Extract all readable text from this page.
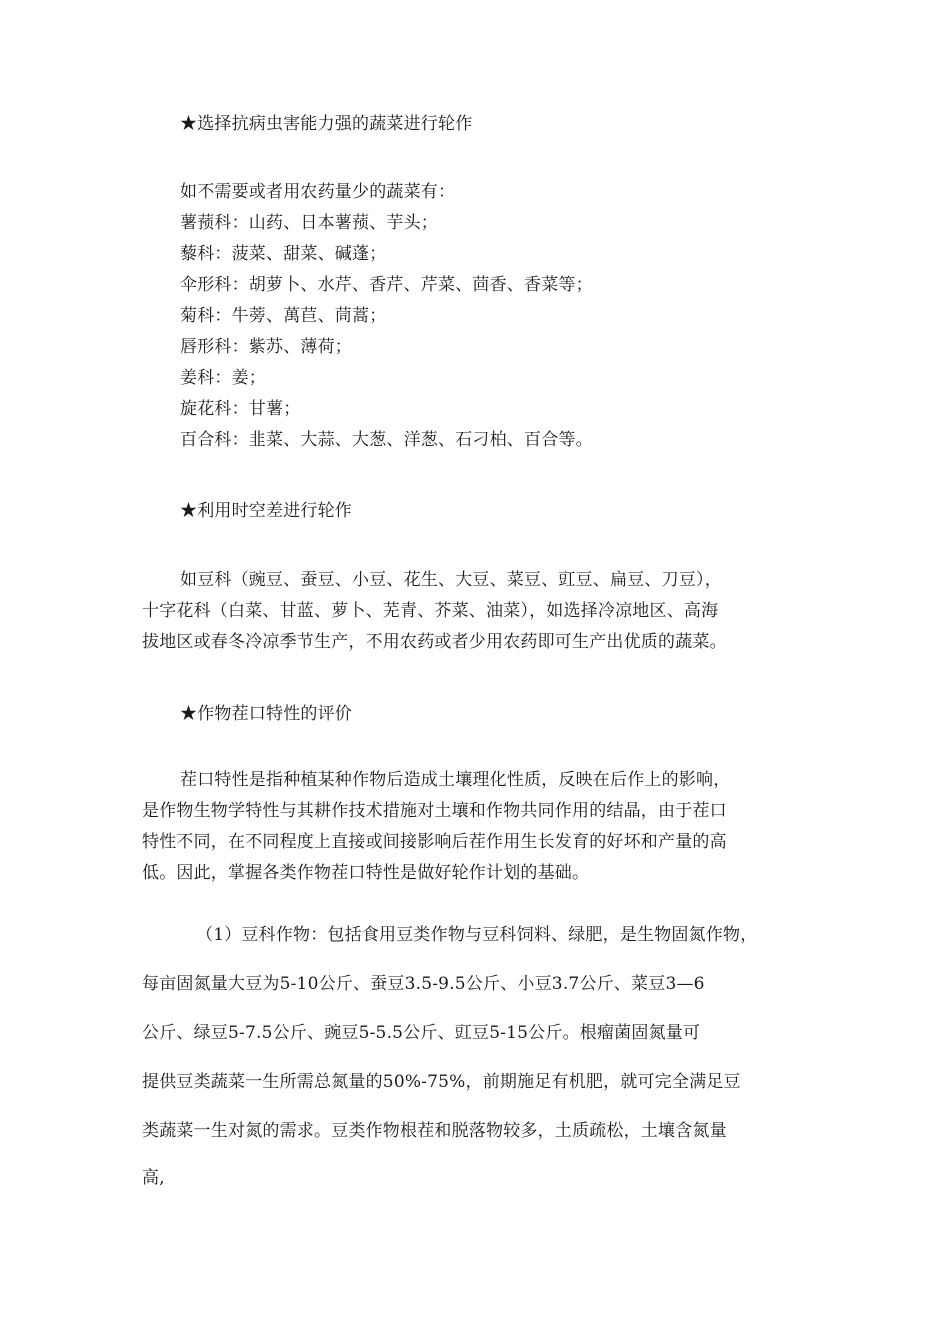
★选择抗病虫害能力强的蔬菜进行轮作
如不需要或者用农药量少的蔬菜有：
薯蓣科：山药、日本薯蓣、芋头；
藜科：菠菜、甜菜、碱蓬；
伞形科：胡萝卜、水芹、香芹、芹菜、茴香、香菜等；
菊科：牛蒡、萬苣、茼蒿；
唇形科：紫苏、薄荷；
姜科：姜；
旋花科：甘薯；
百合科：韭菜、大蒜、大葱、洋葱、石刁柏、百合等。
★利用时空差进行轮作
如豆科（豌豆、蚕豆、小豆、花生、大豆、菜豆、豇豆、扁豆、刀豆），
十字花科（白菜、甘蓝、萝卜、芜青、芥菜、油菜），如选择冷凉地区、高海
拔地区或春冬冷凉季节生产，不用农药或者少用农药即可生产出优质的蔬菜。
★作物茬口特性的评价
茬口特性是指种植某种作物后造成土壤理化性质，反映在后作上的影响，
是作物生物学特性与其耕作技术措施对土壤和作物共同作用的结晶，由于茬口
特性不同，在不同程度上直接或间接影响后茬作用生长发育的好坏和产量的高
低。因此，掌握各类作物茬口特性是做好轮作计划的基础。
（1）豆科作物：包括食用豆类作物与豆科饲料、绿肥，是生物固氮作物，
每亩固氮量大豆为5-10公斤、蚕豆3.5-9.5公斤、小豆3.7公斤、菜豆3—6
公斤、绿豆5-7.5公斤、豌豆5-5.5公斤、豇豆5-15公斤。根瘤菌固氮量可
提供豆类蔬菜一生所需总氮量的50%-75%，前期施足有机肥，就可完全满足豆
类蔬菜一生对氮的需求。豆类作物根茬和脱落物较多，土质疏松，土壤含氮量
高,
